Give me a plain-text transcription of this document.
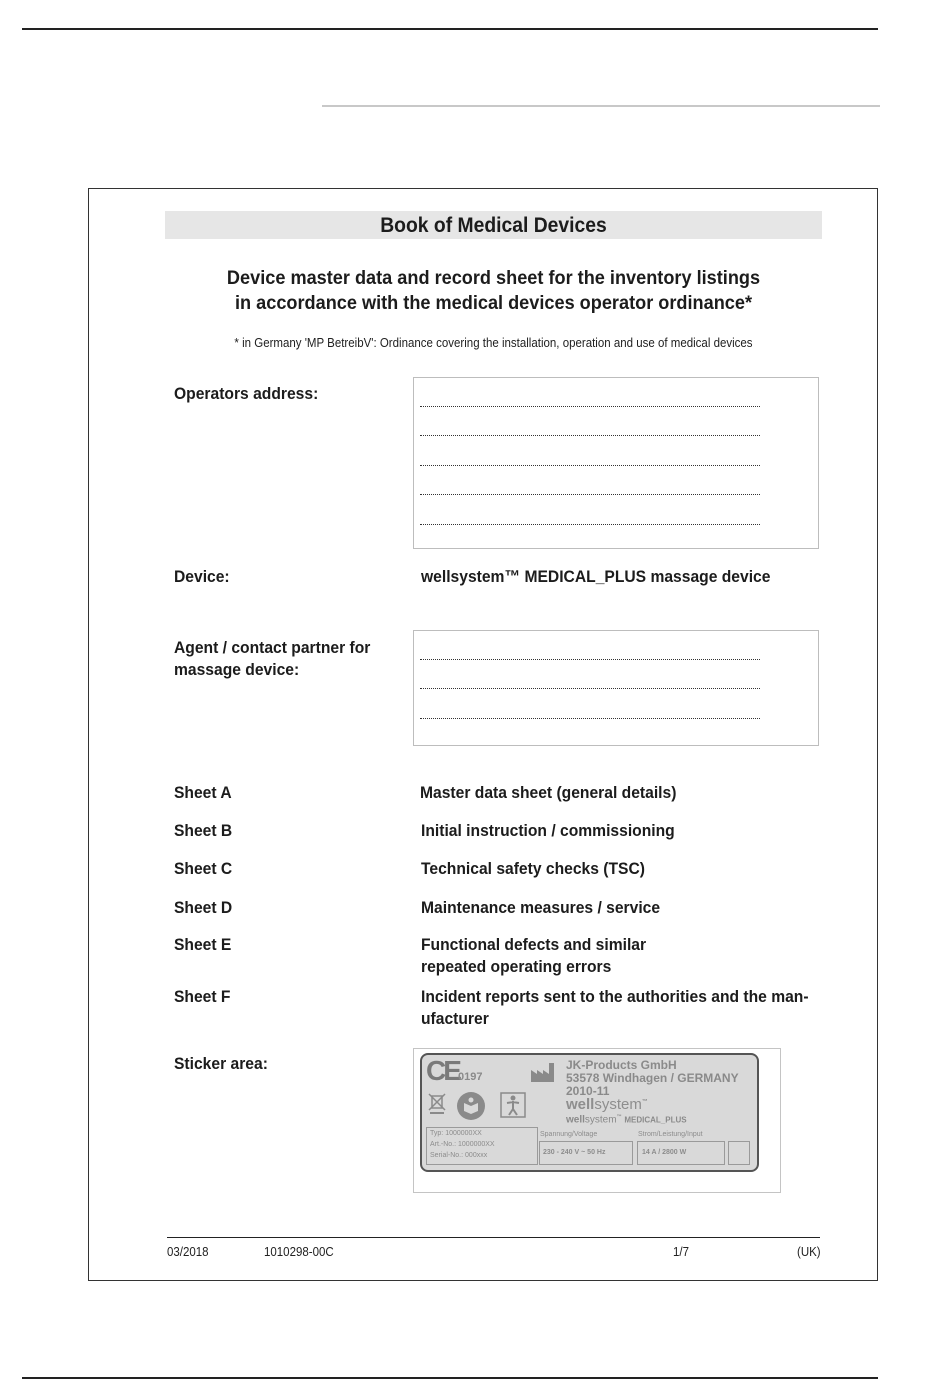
Book of Medical Devices
Device master data and record sheet for the inventory listings
in accordance with the medical devices operator ordinance*
* in Germany 'MP BetreibV': Ordinance covering the installation, operation and use of medical devices
Operators address:
Device:	wellsystem™ MEDICAL_PLUS massage device
Agent / contact partner for
massage device:
Sheet A	Master data sheet (general details)
Sheet B	Initial instruction / commissioning
Sheet C	Technical safety checks (TSC)
Sheet D	Maintenance measures / service
Sheet E	Functional defects and similar
repeated operating errors
Sheet F	Incident reports sent to the authorities and the man-
ufacturer
Sticker area:	CE 0197
JK-Products GmbH
53578 Windhagen / GERMANY
2010-11
wellsystem™
wellsystem™ MEDICAL_PLUS
Typ: 1000000XX
Art.-No.: 1000000XX
Serial-No.: 000xxx
Spannung/Voltage
230 - 240 V ~ 50 Hz
Strom/Leistung/Input
14 A / 2800 W
03/2018	1010298-00C	1/7	(UK)
